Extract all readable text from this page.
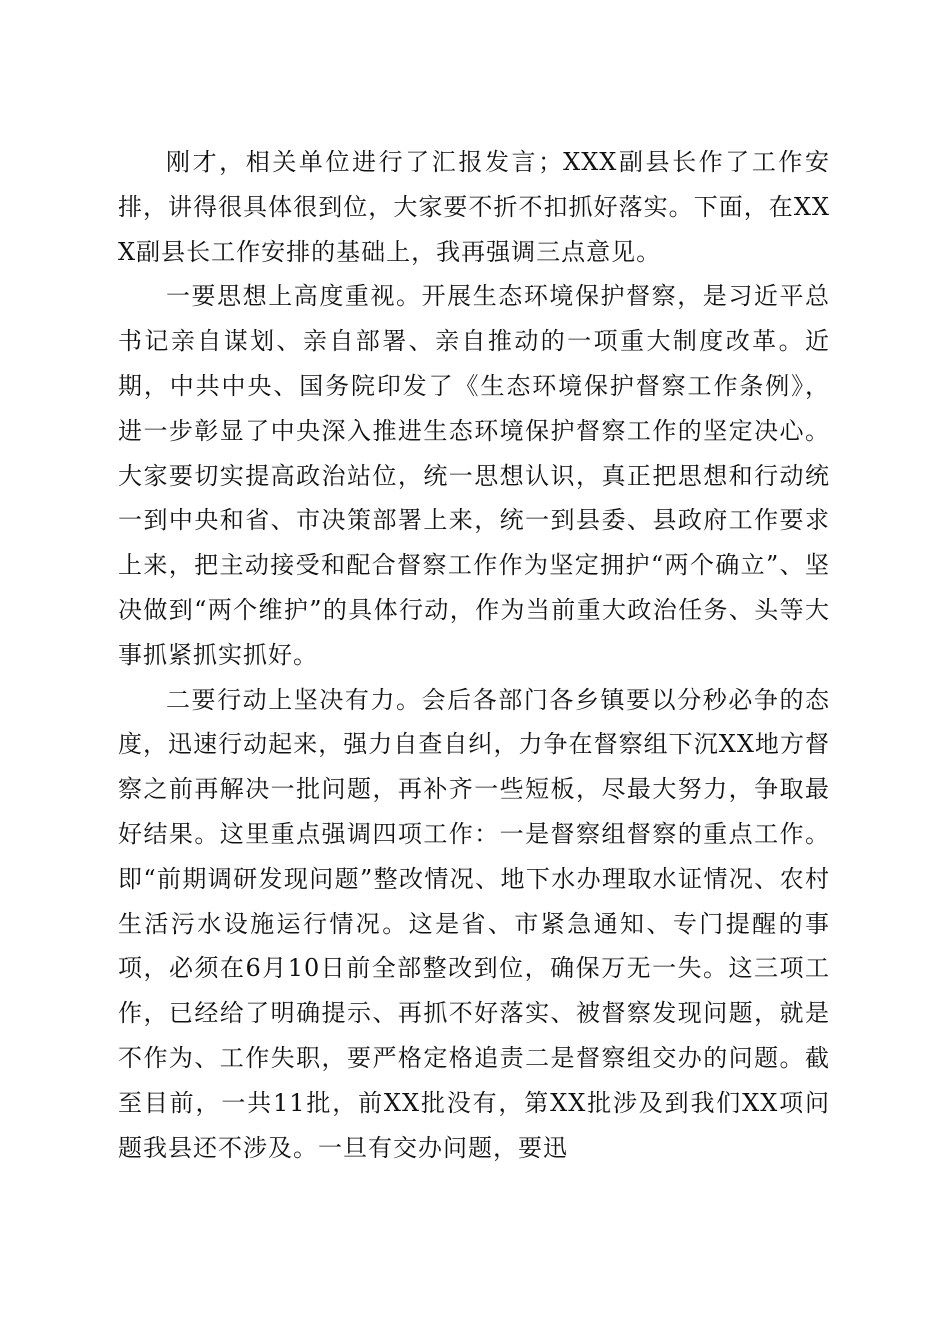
刚才，相关单位进行了汇报发言；XXX副县长作了工作安排，讲得很具体很到位，大家要不折不扣抓好落实。下面，在XXX副县长工作安排的基础上，我再强调三点意见。

一要思想上高度重视。开展生态环境保护督察，是习近平总书记亲自谋划、亲自部署、亲自推动的一项重大制度改革。近期，中共中央、国务院印发了《生态环境保护督察工作条例》，进一步彰显了中央深入推进生态环境保护督察工作的坚定决心。大家要切实提高政治站位，统一思想认识，真正把思想和行动统一到中央和省、市决策部署上来，统一到县委、县政府工作要求上来，把主动接受和配合督察工作作为坚定拥护“两个确立”、坚决做到“两个维护”的具体行动，作为当前重大政治任务、头等大事抓紧抓实抓好。

二要行动上坚决有力。会后各部门各乡镇要以分秒必争的态度，迅速行动起来，强力自查自纠，力争在督察组下沉XX地方督察之前再解决一批问题，再补齐一些短板，尽最大努力，争取最好结果。这里重点强调四项工作：一是督察组督察的重点工作。即“前期调研发现问题”整改情况、地下水办理取水证情况、农村生活污水设施运行情况。这是省、市紧急通知、专门提醒的事项，必须在6月10日前全部整改到位，确保万无一失。这三项工作，已经给了明确提示、再抓不好落实、被督察发现问题，就是不作为、工作失职，要严格定格追责二是督察组交办的问题。截至目前，一共11批，前XX批没有，第XX批涉及到我们XX项问题我县还不涉及。一旦有交办问题，要迅
